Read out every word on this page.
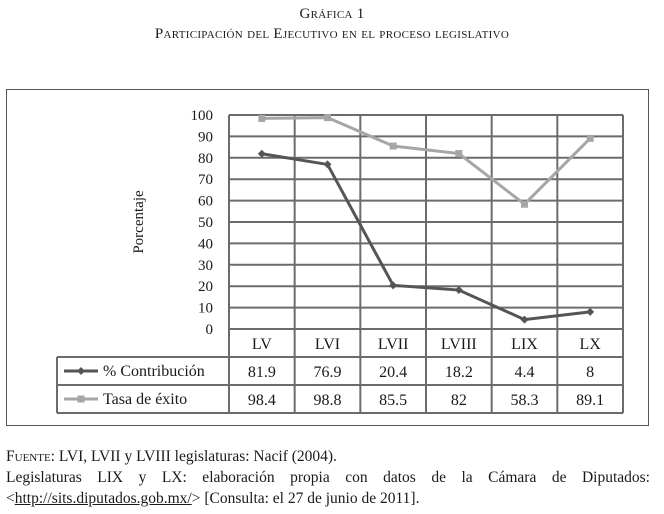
Gráfica 1
Participación del Ejecutivo en el proceso legislativo
0
10
20
30
40
50
60
70
80
90
100
Porcentaje
LV	LVI LVII LVIII LIX	LX
% Contribución	81.9 76.9 20.4 18.2	4.4	8
Tasa de éxito	98.4 98.8 85.5	82	58.3 89.1
Fuente: LVI, LVII y LVIII legislaturas: Nacif (2004).
Legislaturas LIX y LX: elaboración propia con datos de la Cámara de Diputados:
<http://sits.diputados.gob.mx/> [Consulta: el 27 de junio de 2011].
